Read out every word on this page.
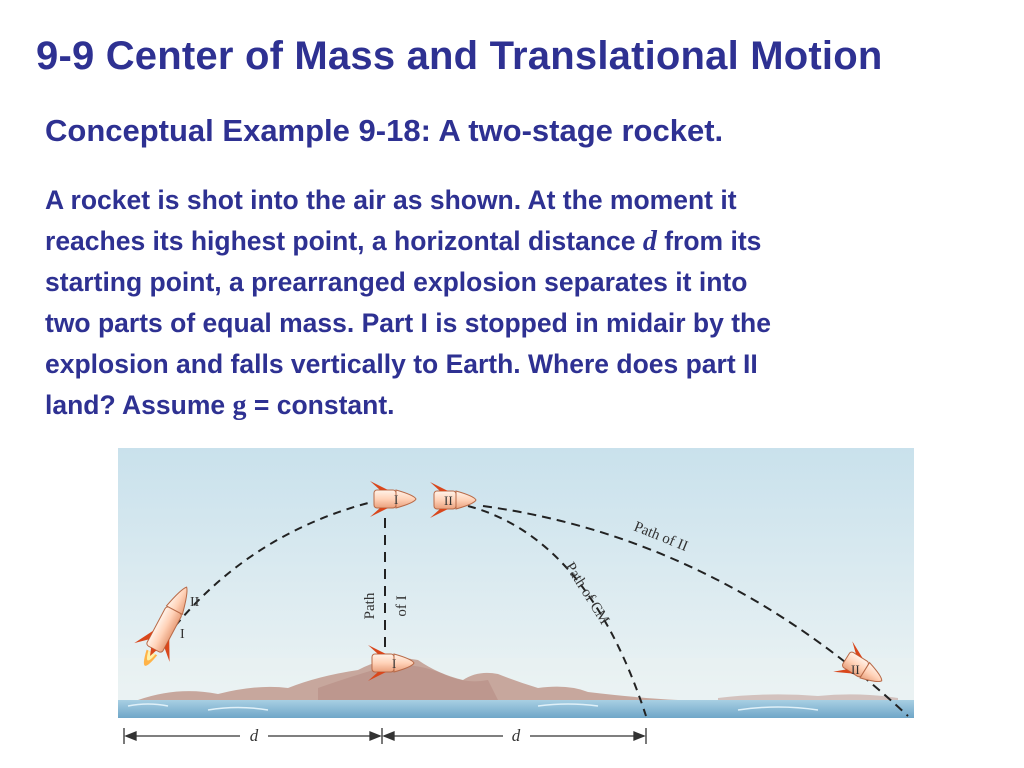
9-9 Center of Mass and Translational Motion
Conceptual Example 9-18: A two-stage rocket.
A rocket is shot into the air as shown. At the moment it
reaches its highest point, a horizontal distance d from its
starting point, a prearranged explosion separates it into
two parts of equal mass. Part I is stopped in midair by the
explosion and falls vertically to Earth. Where does part II
land? Assume g = constant.
I
II
I	II
I	II
Path of I
Path of II
Path of CM
d	d
